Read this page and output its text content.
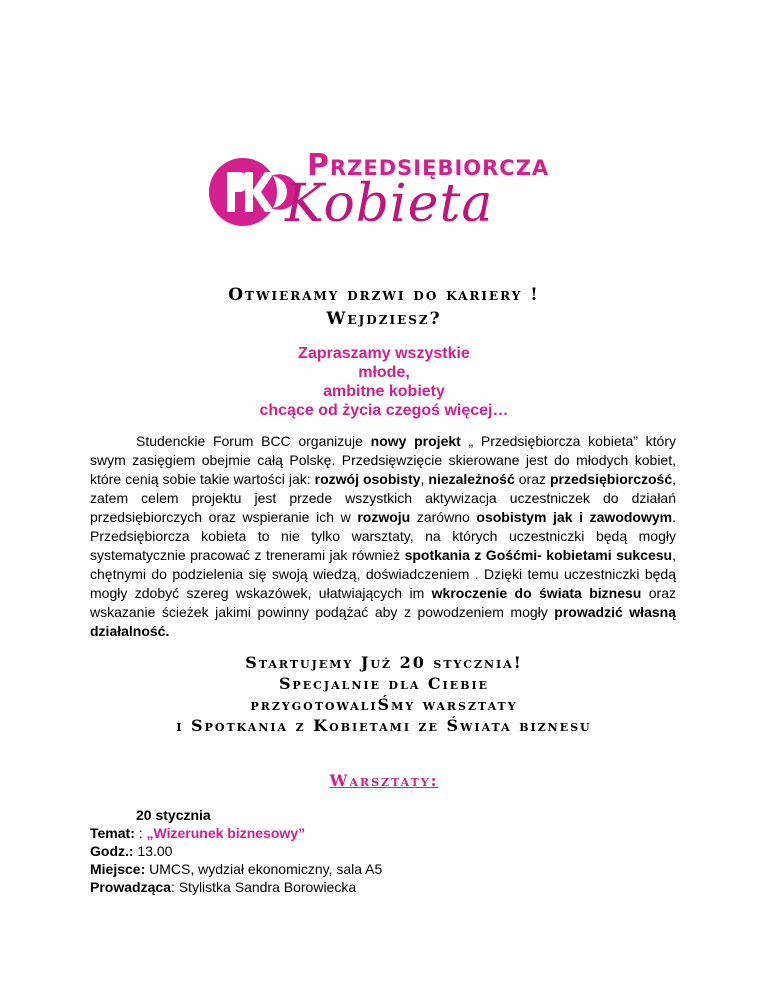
Przedsiębiorcza
Kobieta
Otwieramy drzwi do kariery !
Wejdziesz?
Zapraszamy wszystkie
młode,
ambitne kobiety
chcące od życia czegoś więcej…
Studenckie Forum BCC organizuje nowy projekt „ Przedsiębiorcza kobieta” który swym zasięgiem obejmie całą Polskę. Przedsięwzięcie skierowane jest do młodych kobiet, które cenią sobie takie wartości jak: rozwój osobisty, niezależność oraz przedsiębiorczość, zatem celem projektu jest przede wszystkich aktywizacja uczestniczek do działań przedsiębiorczych oraz wspieranie ich w rozwoju zarówno osobistym jak i zawodowym. Przedsiębiorcza kobieta to nie tylko warsztaty, na których uczestniczki będą mogły systematycznie pracować z trenerami jak również spotkania z Gośćmi- kobietami sukcesu, chętnymi do podzielenia się swoją wiedzą, doświadczeniem . Dzięki temu uczestniczki będą mogły zdobyć szereg wskazówek, ułatwiających im wkroczenie do świata biznesu oraz wskazanie ścieżek jakimi powinny podążać aby z powodzeniem mogły prowadzić własną działalność.
Startujemy Już 20 stycznia!
Specjalnie dla Ciebie
przygotowaliŚmy warsztaty
i Spotkania z Kobietami ze Świata biznesu
Warsztaty:
20 stycznia
Temat: : „Wizerunek biznesowy”
Godz.: 13.00
Miejsce: UMCS, wydział ekonomiczny, sala A5
Prowadząca: Stylistka Sandra Borowiecka
